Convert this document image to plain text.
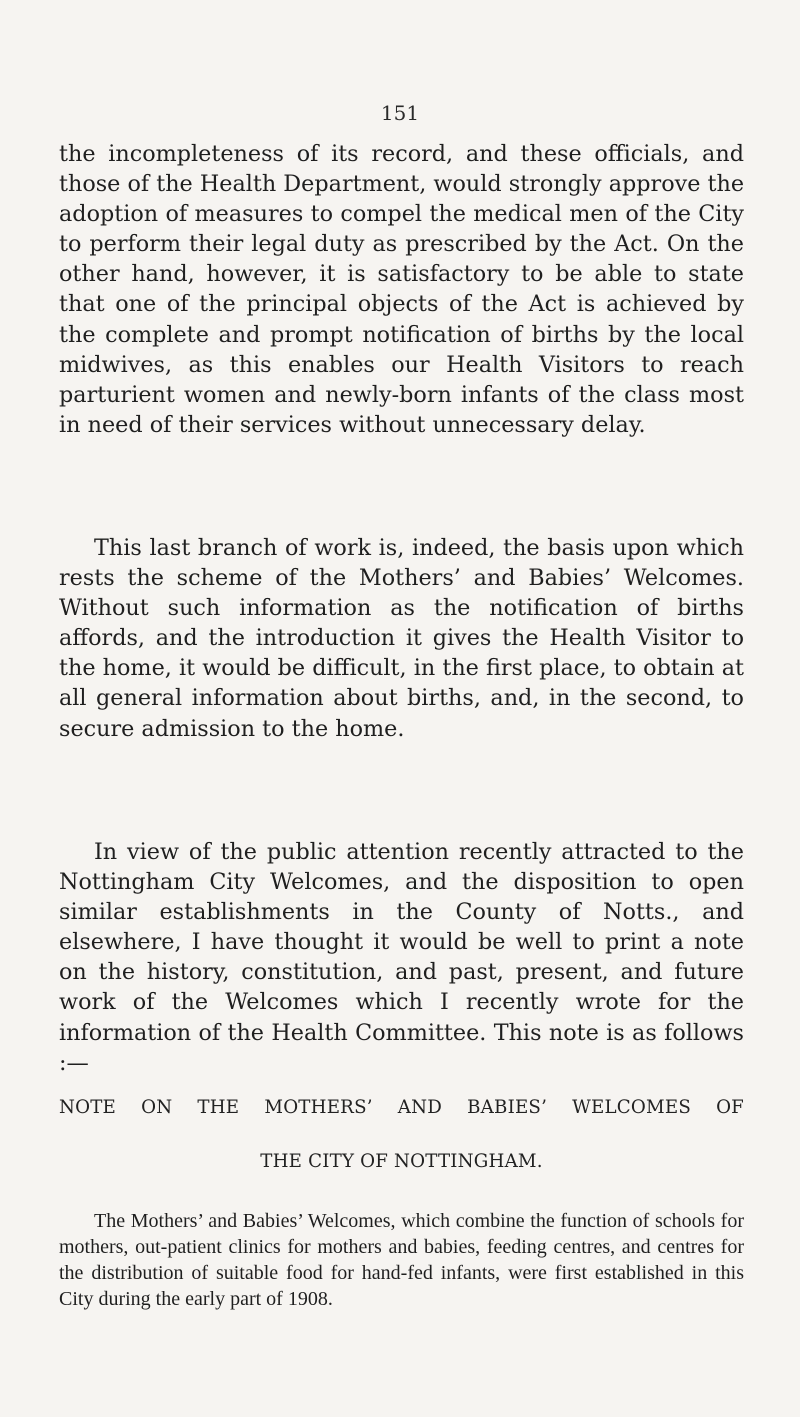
151

the incompleteness of its record, and these officials, and those of the Health Department, would strongly approve the adoption of measures to compel the medical men of the City to perform their legal duty as prescribed by the Act. On the other hand, however, it is satisfactory to be able to state that one of the principal objects of the Act is achieved by the complete and prompt notification of births by the local midwives, as this enables our Health Visitors to reach parturient women and newly-born infants of the class most in need of their services without unnecessary delay.

This last branch of work is, indeed, the basis upon which rests the scheme of the Mothers’ and Babies’ Welcomes. Without such information as the notification of births affords, and the introduction it gives the Health Visitor to the home, it would be difficult, in the first place, to obtain at all general information about births, and, in the second, to secure admission to the home.

In view of the public attention recently attracted to the Nottingham City Welcomes, and the disposition to open similar establishments in the County of Notts., and elsewhere, I have thought it would be well to print a note on the history, constitution, and past, present, and future work of the Welcomes which I recently wrote for the information of the Health Committee. This note is as follows :—

NOTE ON THE MOTHERS’ AND BABIES’ WELCOMES OF

THE CITY OF NOTTINGHAM.

The Mothers’ and Babies’ Welcomes, which combine the function of schools for mothers, out-patient clinics for mothers and babies, feeding centres, and centres for the distribution of suitable food for hand-fed infants, were first established in this City during the early part of 1908.
